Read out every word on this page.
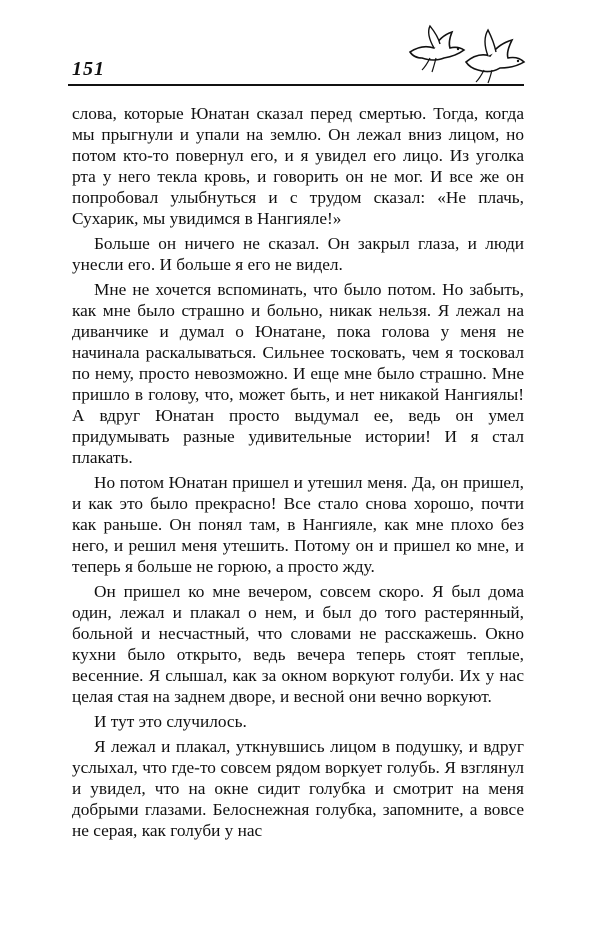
151

слова, которые Юнатан сказал перед смертью. Тогда, когда мы прыгнули и упали на землю. Он лежал вниз лицом, но потом кто-то повернул его, и я увидел его лицо. Из уголка рта у него текла кровь, и говорить он не мог. И все же он попробовал улыбнуться и с трудом сказал: «Не плачь, Сухарик, мы увидимся в Нангияле!»

Больше он ничего не сказал. Он закрыл глаза, и люди унесли его. И больше я его не видел.

Мне не хочется вспоминать, что было потом. Но забыть, как мне было страшно и больно, никак нельзя. Я лежал на диванчике и думал о Юнатане, пока голова у меня не начинала раскалываться. Сильнее тосковать, чем я тосковал по нему, просто невозможно. И еще мне было страшно. Мне пришло в голову, что, может быть, и нет никакой Нангиялы! А вдруг Юнатан просто выдумал ее, ведь он умел придумывать разные удивительные истории! И я стал плакать.

Но потом Юнатан пришел и утешил меня. Да, он пришел, и как это было прекрасно! Все стало снова хорошо, почти как раньше. Он понял там, в Нангияле, как мне плохо без него, и решил меня утешить. Потому он и пришел ко мне, и теперь я больше не горюю, а просто жду.

Он пришел ко мне вечером, совсем скоро. Я был дома один, лежал и плакал о нем, и был до того растерянный, больной и несчастный, что словами не расскажешь. Окно кухни было открыто, ведь вечера теперь стоят теплые, весенние. Я слышал, как за окном воркуют голуби. Их у нас целая стая на заднем дворе, и весной они вечно воркуют.

И тут это случилось.

Я лежал и плакал, уткнувшись лицом в подушку, и вдруг услыхал, что где-то совсем рядом воркует голубь. Я взглянул и увидел, что на окне сидит голубка и смотрит на меня добрыми глазами. Белоснежная голубка, запомните, а вовсе не серая, как голуби у нас
